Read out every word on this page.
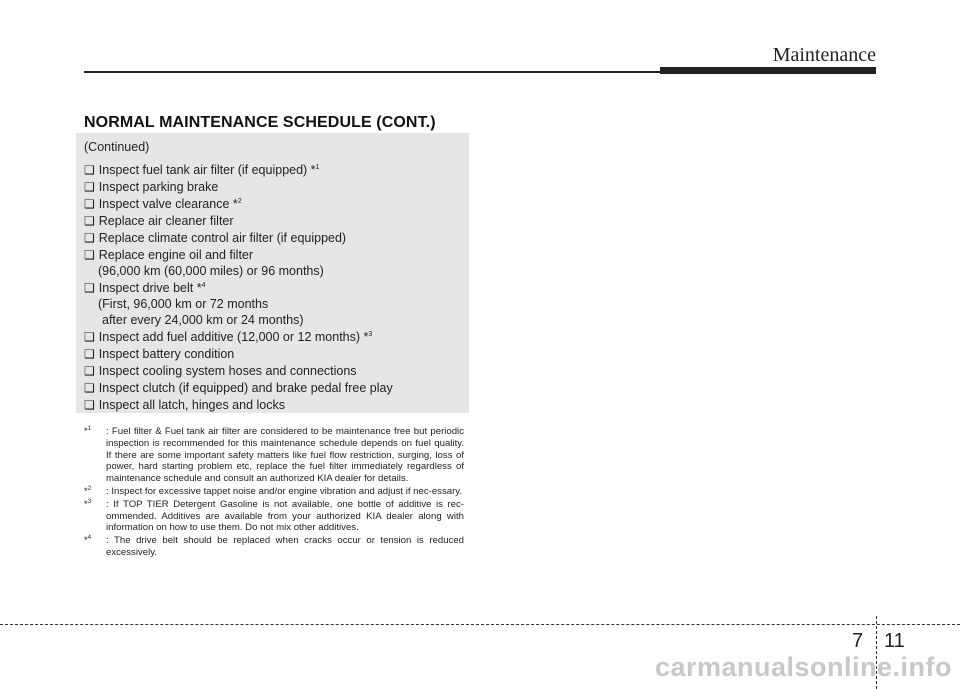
Maintenance
NORMAL MAINTENANCE SCHEDULE (CONT.)
(Continued)
❑ Inspect fuel tank air filter (if equipped) *$^1$
❑ Inspect parking brake
❑ Inspect valve clearance *$^2$
❑ Replace air cleaner filter
❑ Replace climate control air filter (if equipped)
❑ Replace engine oil and filter
(96,000 km (60,000 miles) or 96 months)
❑ Inspect drive belt *$^4$
(First, 96,000 km or 72 months
after every 24,000 km or 24 months)
❑ Inspect add fuel additive (12,000 or 12 months) *$^3$
❑ Inspect battery condition
❑ Inspect cooling system hoses and connections
❑ Inspect clutch (if equipped) and brake pedal free play
❑ Inspect all latch, hinges and locks
*$^1$	: Fuel filter & Fuel tank air filter are considered to be maintenance free but periodic inspection is recommended for this maintenance schedule depends on fuel quality. If there are some important safety matters like fuel flow restriction, surging, loss of power, hard starting problem etc, replace the fuel filter immediately regardless of maintenance schedule and consult an authorized KIA dealer for details.
*$^2$	: Inspect for excessive tappet noise and/or engine vibration and adjust if nec-essary.
*$^3$	: If TOP TIER Detergent Gasoline is not available, one bottle of additive is rec-ommended. Additives are available from your authorized KIA dealer along with information on how to use them. Do not mix other additives.
*$^4$	: The drive belt should be replaced when cracks occur or tension is reduced excessively.
7 11
carmanualsonline.info
